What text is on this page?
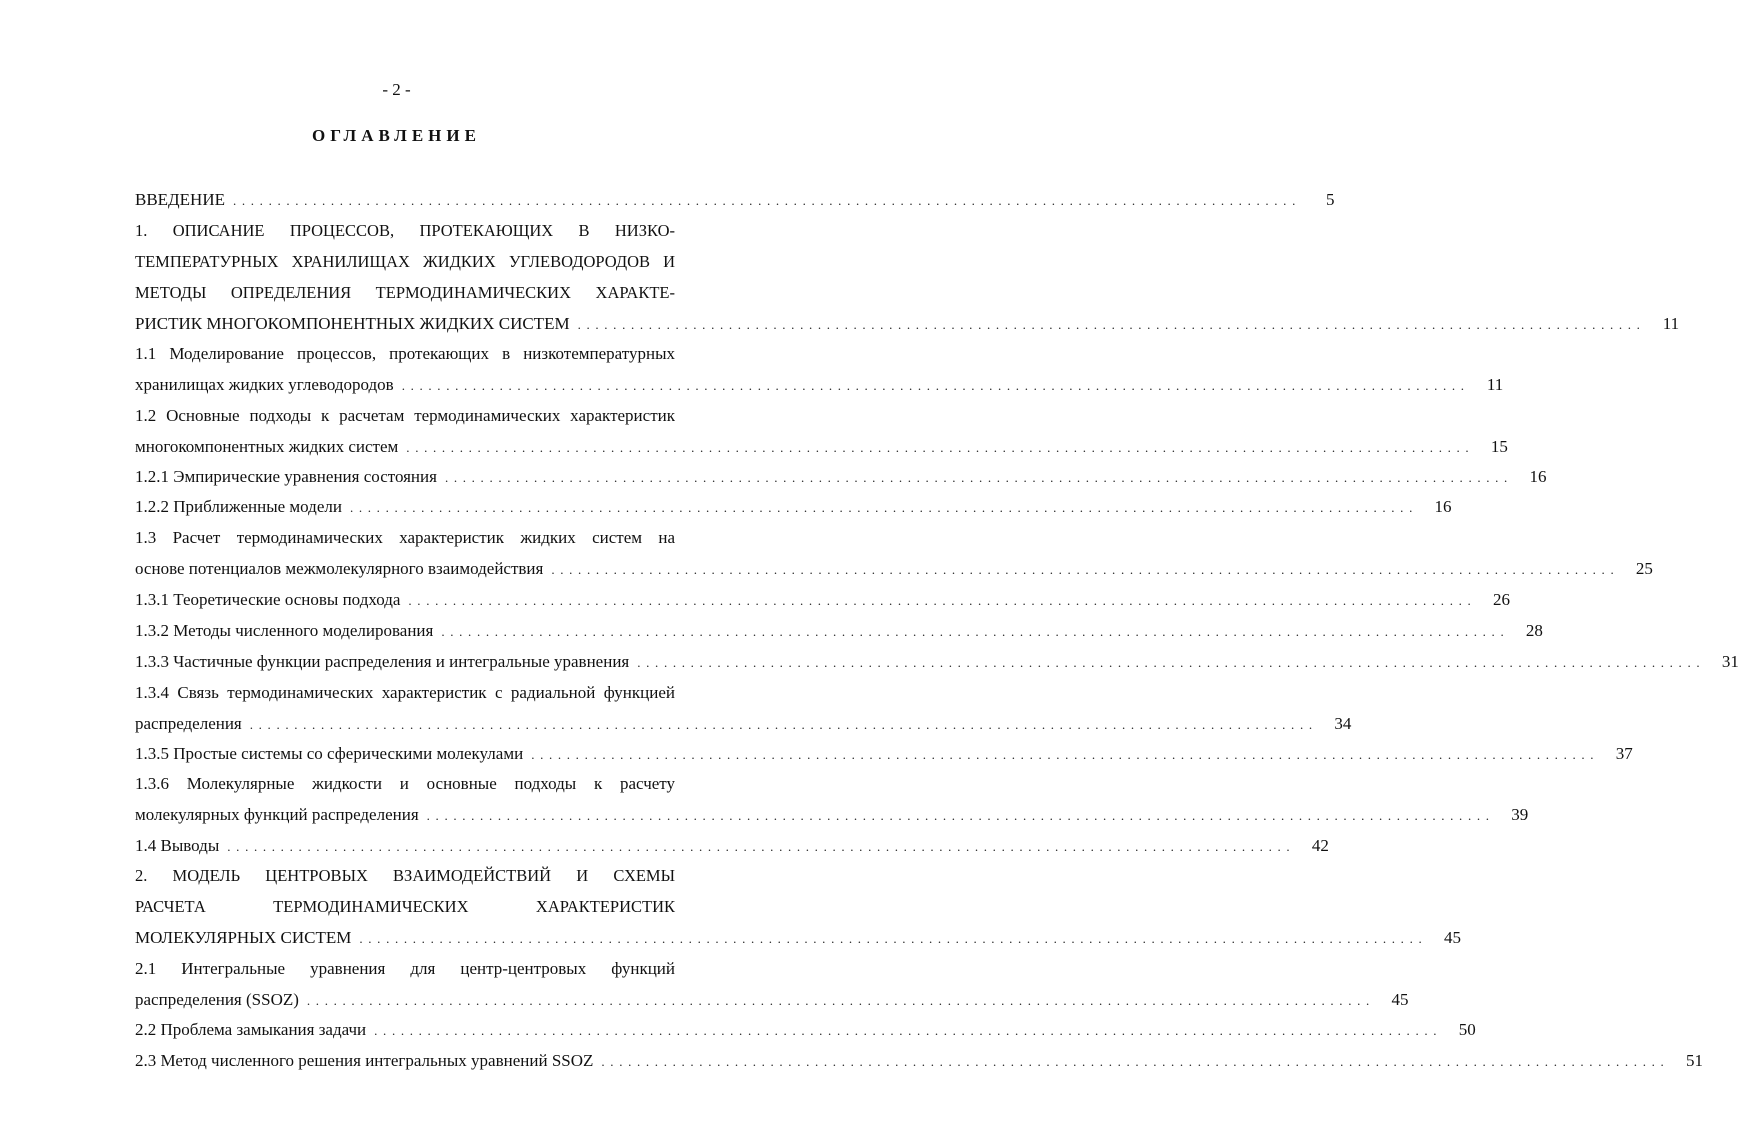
- 2 -
ОГЛАВЛЕНИЕ
ВВЕДЕНИЕ . . . . . . . . . . . . . . . . . . . . . . . . . . . . . . . . . . . . . . . . . . . . . . . . . . . . . . . . . . . . . . . . . . . . . . . . . . . . . . . . . . . . . . . . . . . . . . . . . . . . . . . . . . . . . . . . . . . . . . . .	5
1. ОПИСАНИЕ ПРОЦЕССОВ, ПРОТЕКАЮЩИХ В НИЗКО-
ТЕМПЕРАТУРНЫХ ХРАНИЛИЩАХ ЖИДКИХ УГЛЕВОДОРОДОВ И
МЕТОДЫ ОПРЕДЕЛЕНИЯ ТЕРМОДИНАМИЧЕСКИХ ХАРАКТЕ-
РИСТИК МНОГОКОМПОНЕНТНЫХ ЖИДКИХ СИСТЕМ . . . . . . . . . . . . . . . . . . . . . . . . . . . . . . . . . . . . . . . . . . . . . . . . . . . . . . . . . . . . . . . . . . . . . . . . . . . . . . . . . . . . . . . . . . . . . . . . . . . . . . . . . . . . . . . . . . . . . . . .	11
1.1 Моделирование процессов, протекающих в низкотемпературных
хранилищах жидких углеводородов . . . . . . . . . . . . . . . . . . . . . . . . . . . . . . . . . . . . . . . . . . . . . . . . . . . . . . . . . . . . . . . . . . . . . . . . . . . . . . . . . . . . . . . . . . . . . . . . . . . . . . . . . . . . . . . . . . . . . . . .	11
1.2 Основные подходы к расчетам термодинамических характеристик
многокомпонентных жидких систем . . . . . . . . . . . . . . . . . . . . . . . . . . . . . . . . . . . . . . . . . . . . . . . . . . . . . . . . . . . . . . . . . . . . . . . . . . . . . . . . . . . . . . . . . . . . . . . . . . . . . . . . . . . . . . . . . . . . . . . .	15
1.2.1 Эмпирические уравнения состояния . . . . . . . . . . . . . . . . . . . . . . . . . . . . . . . . . . . . . . . . . . . . . . . . . . . . . . . . . . . . . . . . . . . . . . . . . . . . . . . . . . . . . . . . . . . . . . . . . . . . . . . . . . . . . . . . . . . . . . . .	16
1.2.2 Приближенные модели . . . . . . . . . . . . . . . . . . . . . . . . . . . . . . . . . . . . . . . . . . . . . . . . . . . . . . . . . . . . . . . . . . . . . . . . . . . . . . . . . . . . . . . . . . . . . . . . . . . . . . . . . . . . . . . . . . . . . . . .	16
1.3 Расчет термодинамических характеристик жидких систем на
основе потенциалов межмолекулярного взаимодействия . . . . . . . . . . . . . . . . . . . . . . . . . . . . . . . . . . . . . . . . . . . . . . . . . . . . . . . . . . . . . . . . . . . . . . . . . . . . . . . . . . . . . . . . . . . . . . . . . . . . . . . . . . . . . . . . . . . . . . . .	25
1.3.1 Теоретические основы подхода . . . . . . . . . . . . . . . . . . . . . . . . . . . . . . . . . . . . . . . . . . . . . . . . . . . . . . . . . . . . . . . . . . . . . . . . . . . . . . . . . . . . . . . . . . . . . . . . . . . . . . . . . . . . . . . . . . . . . . . .	26
1.3.2 Методы численного моделирования . . . . . . . . . . . . . . . . . . . . . . . . . . . . . . . . . . . . . . . . . . . . . . . . . . . . . . . . . . . . . . . . . . . . . . . . . . . . . . . . . . . . . . . . . . . . . . . . . . . . . . . . . . . . . . . . . . . . . . . .	28
1.3.3 Частичные функции распределения и интегральные уравнения . . . . . . . . . . . . . . . . . . . . . . . . . . . . . . . . . . . . . . . . . . . . . . . . . . . . . . . . . . . . . . . . . . . . . . . . . . . . . . . . . . . . . . . . . . . . . . . . . . . . . . . . . . . . . . . . . . . . . . . .	31
1.3.4 Связь термодинамических характеристик с радиальной функцией
распределения . . . . . . . . . . . . . . . . . . . . . . . . . . . . . . . . . . . . . . . . . . . . . . . . . . . . . . . . . . . . . . . . . . . . . . . . . . . . . . . . . . . . . . . . . . . . . . . . . . . . . . . . . . . . . . . . . . . . . . . .	34
1.3.5 Простые системы со сферическими молекулами . . . . . . . . . . . . . . . . . . . . . . . . . . . . . . . . . . . . . . . . . . . . . . . . . . . . . . . . . . . . . . . . . . . . . . . . . . . . . . . . . . . . . . . . . . . . . . . . . . . . . . . . . . . . . . . . . . . . . . . .	37
1.3.6 Молекулярные жидкости и основные подходы к расчету
молекулярных функций распределения . . . . . . . . . . . . . . . . . . . . . . . . . . . . . . . . . . . . . . . . . . . . . . . . . . . . . . . . . . . . . . . . . . . . . . . . . . . . . . . . . . . . . . . . . . . . . . . . . . . . . . . . . . . . . . . . . . . . . . . .	39
1.4 Выводы . . . . . . . . . . . . . . . . . . . . . . . . . . . . . . . . . . . . . . . . . . . . . . . . . . . . . . . . . . . . . . . . . . . . . . . . . . . . . . . . . . . . . . . . . . . . . . . . . . . . . . . . . . . . . . . . . . . . . . . .	42
2. МОДЕЛЬ ЦЕНТРОВЫХ ВЗАИМОДЕЙСТВИЙ И СХЕМЫ
РАСЧЕТА ТЕРМОДИНАМИЧЕСКИХ ХАРАКТЕРИСТИК
МОЛЕКУЛЯРНЫХ СИСТЕМ . . . . . . . . . . . . . . . . . . . . . . . . . . . . . . . . . . . . . . . . . . . . . . . . . . . . . . . . . . . . . . . . . . . . . . . . . . . . . . . . . . . . . . . . . . . . . . . . . . . . . . . . . . . . . . . . . . . . . . . .	45
2.1 Интегральные уравнения для центр-центровых функций
распределения (SSOZ) . . . . . . . . . . . . . . . . . . . . . . . . . . . . . . . . . . . . . . . . . . . . . . . . . . . . . . . . . . . . . . . . . . . . . . . . . . . . . . . . . . . . . . . . . . . . . . . . . . . . . . . . . . . . . . . . . . . . . . . .	45
2.2 Проблема замыкания задачи . . . . . . . . . . . . . . . . . . . . . . . . . . . . . . . . . . . . . . . . . . . . . . . . . . . . . . . . . . . . . . . . . . . . . . . . . . . . . . . . . . . . . . . . . . . . . . . . . . . . . . . . . . . . . . . . . . . . . . . .	50
2.3 Метод численного решения интегральных уравнений SSOZ . . . . . . . . . . . . . . . . . . . . . . . . . . . . . . . . . . . . . . . . . . . . . . . . . . . . . . . . . . . . . . . . . . . . . . . . . . . . . . . . . . . . . . . . . . . . . . . . . . . . . . . . . . . . . . . . . . . . . . . .	51
